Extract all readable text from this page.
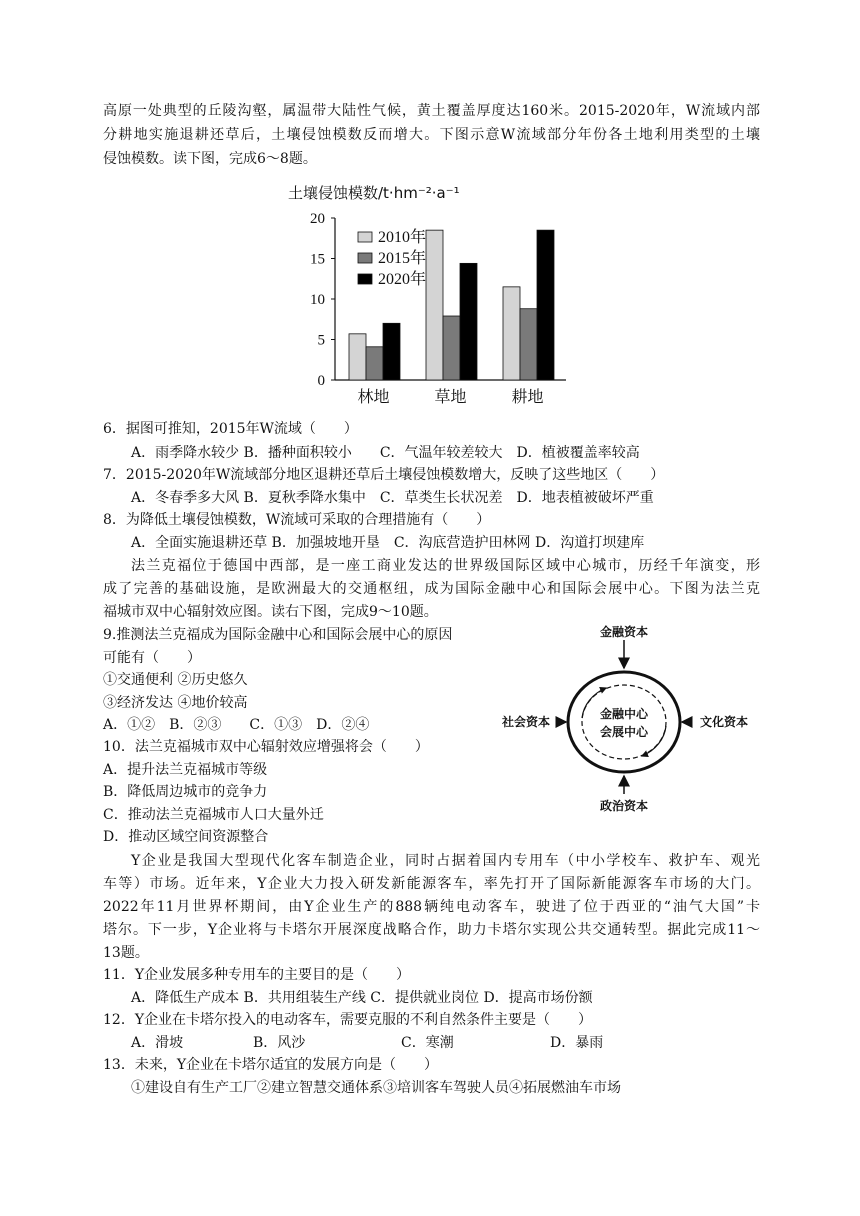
高原一处典型的丘陵沟壑，属温带大陆性气候，黄土覆盖厚度达160米。2015-2020年，W流域内部
分耕地实施退耕还草后，土壤侵蚀模数反而增大。下图示意W流域部分年份各土地利用类型的土壤
侵蚀模数。读下图，完成6～8题。
土壤侵蚀模数/t·hm⁻²·a⁻¹
0
5
10
15
20
林地	草地	耕地
2010年
2015年
2020年
6．据图可推知，2015年W流域（　　）
A．雨季降水较少 B．播种面积较小　　C．气温年较差较大　D．植被覆盖率较高
7．2015-2020年W流域部分地区退耕还草后土壤侵蚀模数增大，反映了这些地区（　　）
A．冬春季多大风 B．夏秋季降水集中　C．草类生长状况差　D．地表植被破坏严重
8．为降低土壤侵蚀模数，W流域可采取的合理措施有（　　）
A．全面实施退耕还草 B．加强坡地开垦　C．沟底营造护田林网 D．沟道打坝建库
法兰克福位于德国中西部，是一座工商业发达的世界级国际区域中心城市，历经千年演变，形
成了完善的基础设施，是欧洲最大的交通枢纽，成为国际金融中心和国际会展中心。下图为法兰克
福城市双中心辐射效应图。读右下图，完成9～10题。
9.推测法兰克福成为国际金融中心和国际会展中心的原因
可能有（　　）
①交通便利 ②历史悠久
③经济发达 ④地价较高
A．①②　B．②③　　C．①③　D．②④
金融资本
社会资本	文化资本
政治资本
金融中心
会展中心
10．法兰克福城市双中心辐射效应增强将会（　　）
A．提升法兰克福城市等级
B．降低周边城市的竞争力
C．推动法兰克福城市人口大量外迁
D．推动区域空间资源整合
Y企业是我国大型现代化客车制造企业，同时占据着国内专用车（中小学校车、救护车、观光
车等）市场。近年来，Y企业大力投入研发新能源客车，率先打开了国际新能源客车市场的大门。
2022年11月世界杯期间，由Y企业生产的888辆纯电动客车，驶进了位于西亚的“油气大国”卡
塔尔。下一步，Y企业将与卡塔尔开展深度战略合作，助力卡塔尔实现公共交通转型。据此完成11～
13题。
11．Y企业发展多种专用车的主要目的是（　　）
A．降低生产成本 B．共用组装生产线 C．提供就业岗位 D．提高市场份额
12．Y企业在卡塔尔投入的电动客车，需要克服的不利自然条件主要是（　　）
A．滑坡	B．风沙	C．寒潮	D．暴雨
13．未来，Y企业在卡塔尔适宜的发展方向是（　　）
①建设自有生产工厂②建立智慧交通体系③培训客车驾驶人员④拓展燃油车市场
